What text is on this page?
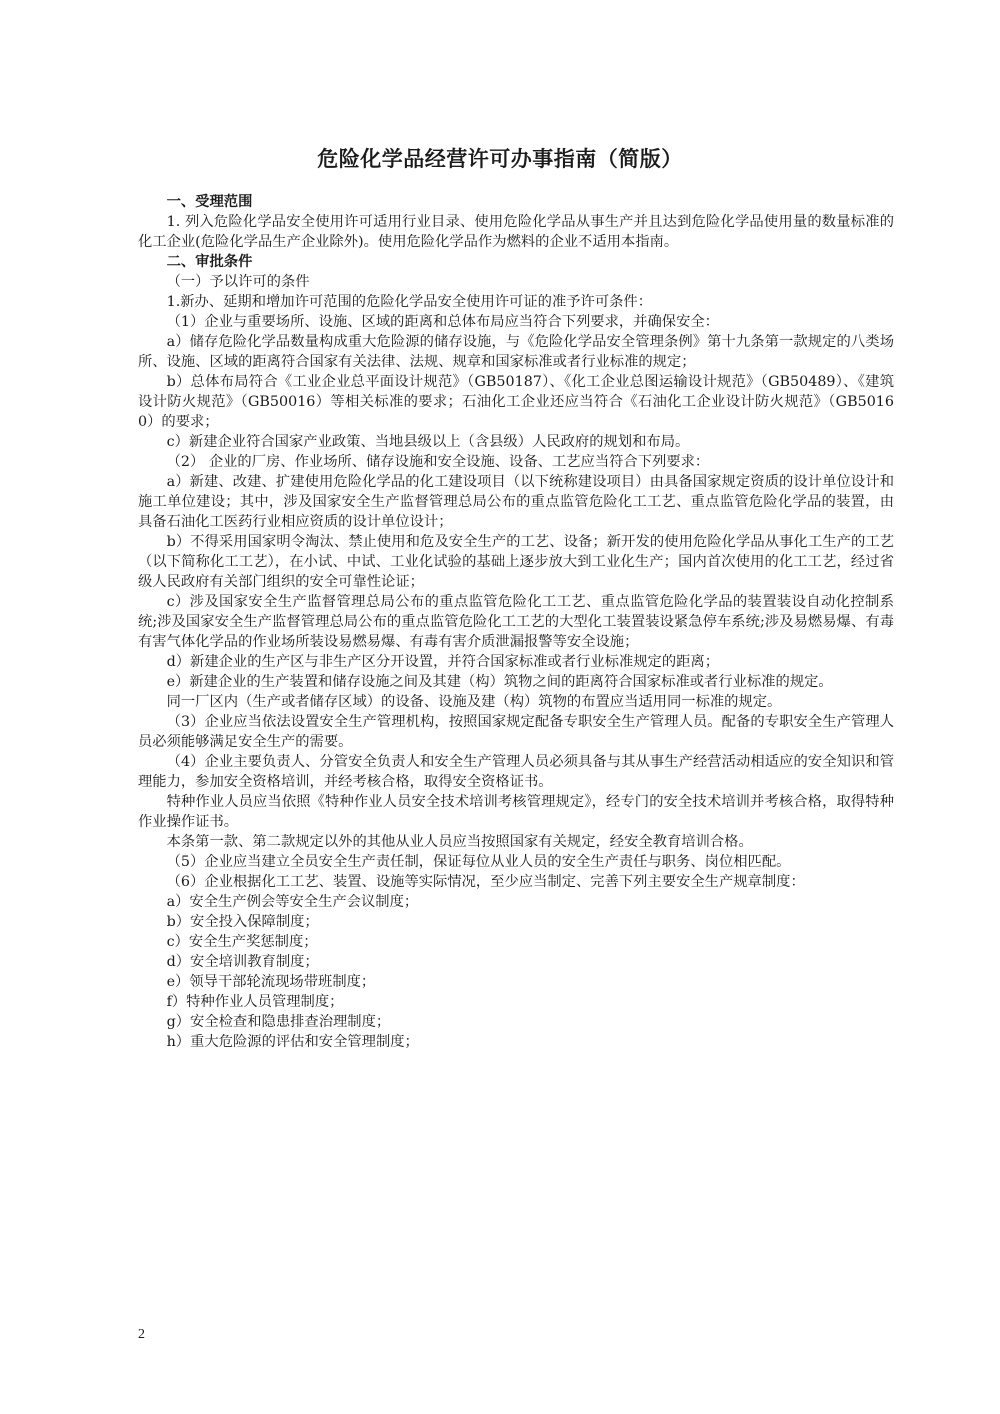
危险化学品经营许可办事指南（简版）

一、受理范围

1. 列入危险化学品安全使用许可适用行业目录、使用危险化学品从事生产并且达到危险化学品使用量的数量标准的化工企业(危险化学品生产企业除外)。使用危险化学品作为燃料的企业不适用本指南。

二、审批条件

（一）予以许可的条件

1.新办、延期和增加许可范围的危险化学品安全使用许可证的准予许可条件：

（1）企业与重要场所、设施、区域的距离和总体布局应当符合下列要求，并确保安全：

a）储存危险化学品数量构成重大危险源的储存设施，与《危险化学品安全管理条例》第十九条第一款规定的八类场所、设施、区域的距离符合国家有关法律、法规、规章和国家标准或者行业标准的规定；

b）总体布局符合《工业企业总平面设计规范》（GB50187）、《化工企业总图运输设计规范》（GB50489）、《建筑设计防火规范》（GB50016）等相关标准的要求；石油化工企业还应当符合《石油化工企业设计防火规范》（GB50160）的要求；

c）新建企业符合国家产业政策、当地县级以上（含县级）人民政府的规划和布局。

（2） 企业的厂房、作业场所、储存设施和安全设施、设备、工艺应当符合下列要求：

a）新建、改建、扩建使用危险化学品的化工建设项目（以下统称建设项目）由具备国家规定资质的设计单位设计和施工单位建设；其中，涉及国家安全生产监督管理总局公布的重点监管危险化工工艺、重点监管危险化学品的装置，由具备石油化工医药行业相应资质的设计单位设计；

b）不得采用国家明令淘汰、禁止使用和危及安全生产的工艺、设备；新开发的使用危险化学品从事化工生产的工艺（以下简称化工工艺），在小试、中试、工业化试验的基础上逐步放大到工业化生产；国内首次使用的化工工艺，经过省级人民政府有关部门组织的安全可靠性论证；

c）涉及国家安全生产监督管理总局公布的重点监管危险化工工艺、重点监管危险化学品的装置装设自动化控制系统;涉及国家安全生产监督管理总局公布的重点监管危险化工工艺的大型化工装置装设紧急停车系统;涉及易燃易爆、有毒有害气体化学品的作业场所装设易燃易爆、有毒有害介质泄漏报警等安全设施；

d）新建企业的生产区与非生产区分开设置，并符合国家标准或者行业标准规定的距离；

e）新建企业的生产装置和储存设施之间及其建（构）筑物之间的距离符合国家标准或者行业标准的规定。

同一厂区内（生产或者储存区域）的设备、设施及建（构）筑物的布置应当适用同一标准的规定。

（3）企业应当依法设置安全生产管理机构，按照国家规定配备专职安全生产管理人员。配备的专职安全生产管理人员必须能够满足安全生产的需要。

（4）企业主要负责人、分管安全负责人和安全生产管理人员必须具备与其从事生产经营活动相适应的安全知识和管理能力，参加安全资格培训，并经考核合格，取得安全资格证书。

特种作业人员应当依照《特种作业人员安全技术培训考核管理规定》，经专门的安全技术培训并考核合格，取得特种作业操作证书。

本条第一款、第二款规定以外的其他从业人员应当按照国家有关规定，经安全教育培训合格。

（5）企业应当建立全员安全生产责任制，保证每位从业人员的安全生产责任与职务、岗位相匹配。

（6）企业根据化工工艺、装置、设施等实际情况，至少应当制定、完善下列主要安全生产规章制度：

a）安全生产例会等安全生产会议制度；

b）安全投入保障制度；

c）安全生产奖惩制度；

d）安全培训教育制度；

e）领导干部轮流现场带班制度；

f）特种作业人员管理制度；

g）安全检查和隐患排查治理制度；

h）重大危险源的评估和安全管理制度；

2
